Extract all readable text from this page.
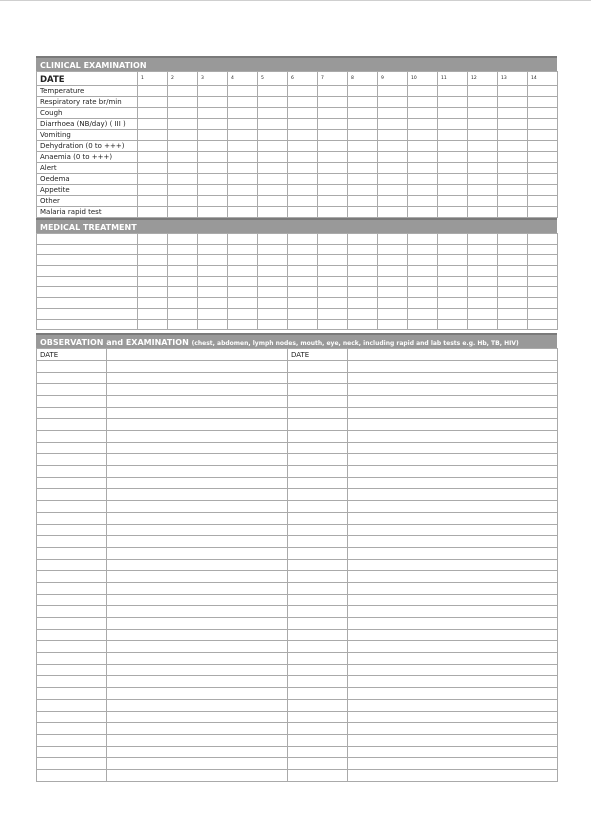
CLINICAL EXAMINATION
DATE	1	2	3	4	5	6	7	8	9	10	11	12	13	14
Temperature														
Respiratory rate br/min														
Cough														
Diarrhoea (NB/day) ( III )														
Vomiting														
Dehydration (0 to +++)														
Anaemia (0 to +++)														
Alert														
Oedema														
Appetite														
Other														
Malaria rapid test														
MEDICAL TREATMENT

OBSERVATION and EXAMINATION (chest, abdomen, lymph nodes, mouth, eye, neck, including rapid and lab tests e.g. Hb, TB, HIV)
DATE		DATE	
